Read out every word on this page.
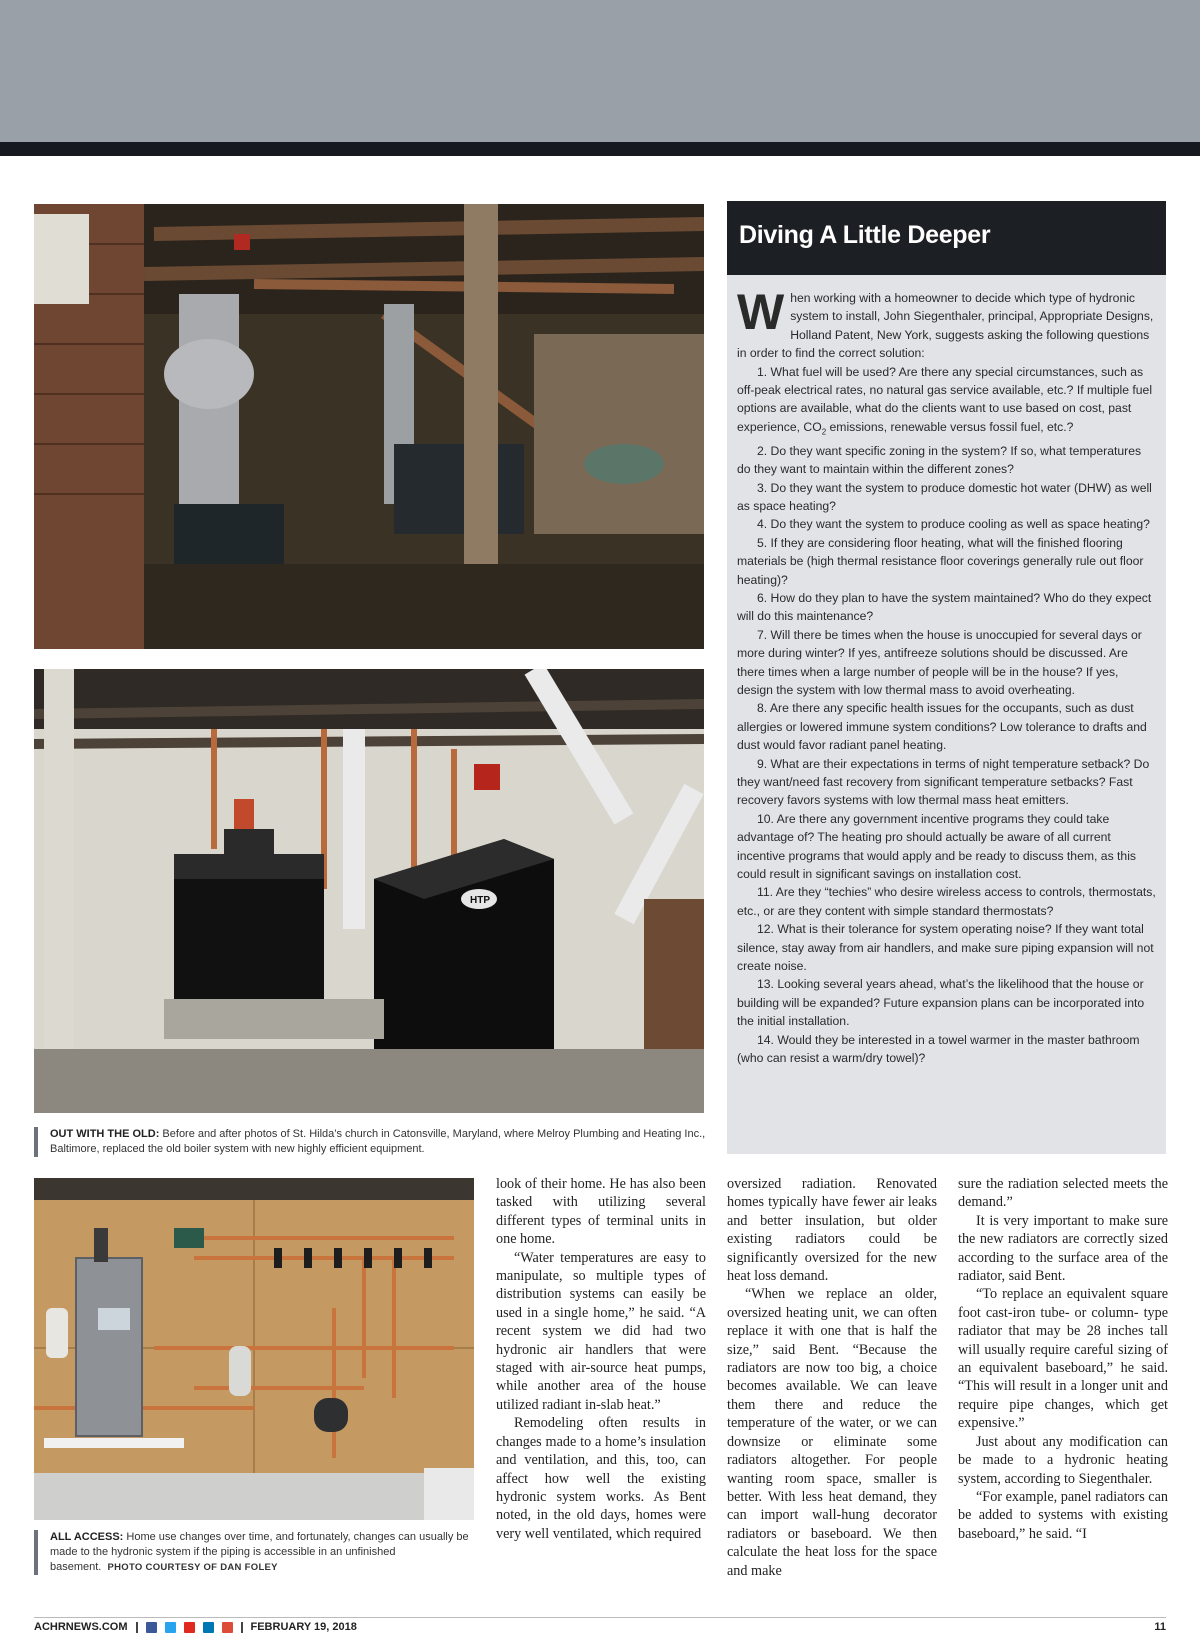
HTP
OUT WITH THE OLD: Before and after photos of St. Hilda’s church in Catonsville, Maryland, where Melroy Plumbing and Heating Inc., Baltimore, replaced the old boiler system with new highly efficient equipment.
ALL ACCESS: Home use changes over time, and fortunately, changes can usually be made to the hydronic system if the piping is accessible in an unfinished basement. PHOTO COURTESY OF DAN FOLEY
Diving A Little Deeper

When working with a homeowner to decide which type of hydronic system to install, John Siegenthaler, principal, Appropriate Designs, Holland Patent, New York, suggests asking the following questions in order to find the correct solution:

1. What fuel will be used? Are there any special circumstances, such as off-peak electrical rates, no natural gas service available, etc.? If multiple fuel options are available, what do the clients want to use based on cost, past experience, $CO_2$ emissions, renewable versus fossil fuel, etc.?

2. Do they want specific zoning in the system? If so, what temperatures do they want to maintain within the different zones?

3. Do they want the system to produce domestic hot water (DHW) as well as space heating?

4. Do they want the system to produce cooling as well as space heating?

5. If they are considering floor heating, what will the finished flooring materials be (high thermal resistance floor coverings generally rule out floor heating)?

6. How do they plan to have the system maintained? Who do they expect will do this maintenance?

7. Will there be times when the house is unoccupied for several days or more during winter? If yes, antifreeze solutions should be discussed. Are there times when a large number of people will be in the house? If yes, design the system with low thermal mass to avoid overheating.

8. Are there any specific health issues for the occupants, such as dust allergies or lowered immune system conditions? Low tolerance to drafts and dust would favor radiant panel heating.

9. What are their expectations in terms of night temperature setback? Do they want/need fast recovery from significant temperature setbacks? Fast recovery favors systems with low thermal mass heat emitters.

10. Are there any government incentive programs they could take advantage of? The heating pro should actually be aware of all current incentive programs that would apply and be ready to discuss them, as this could result in significant savings on installation cost.

11. Are they “techies” who desire wireless access to controls, thermostats, etc., or are they content with simple standard thermostats?

12. What is their tolerance for system operating noise? If they want total silence, stay away from air handlers, and make sure piping expansion will not create noise.

13. Looking several years ahead, what’s the likelihood that the house or building will be expanded? Future expansion plans can be incorporated into the initial installation.

14. Would they be interested in a towel warmer in the master bathroom (who can resist a warm/dry towel)?

look of their home. He has also been tasked with utilizing several different types of terminal units in one home.

“Water temperatures are easy to manipulate, so multiple types of distribution systems can easily be used in a single home,” he said. “A recent system we did had two hydronic air handlers that were staged with air-source heat pumps, while another area of the house utilized radiant in-slab heat.”

Remodeling often results in changes made to a home’s insulation and ventilation, and this, too, can affect how well the existing hydronic system works. As Bent noted, in the old days, homes were very well ventilated, which required

oversized radiation. Renovated homes typically have fewer air leaks and better insulation, but older existing radiators could be significantly oversized for the new heat loss demand.

“When we replace an older, oversized heating unit, we can often replace it with one that is half the size,” said Bent. “Because the radiators are now too big, a choice becomes available. We can leave them there and reduce the temperature of the water, or we can downsize or eliminate some radiators altogether. For people wanting room space, smaller is better. With less heat demand, they can import wall-hung decorator radiators or baseboard. We then calculate the heat loss for the space and make

sure the radiation selected meets the demand.”

It is very important to make sure the new radiators are correctly sized according to the surface area of the radiator, said Bent.

“To replace an equivalent square foot cast-iron tube- or column- type radiator that may be 28 inches tall will usually require careful sizing of an equivalent baseboard,” he said. “This will result in a longer unit and require pipe changes, which get expensive.”

Just about any modification can be made to a hydronic heating system, according to Siegenthaler.

“For example, panel radiators can be added to systems with existing baseboard,” he said. “I

ACHRNEWS.COM	FEBRUARY 19, 2018	11
